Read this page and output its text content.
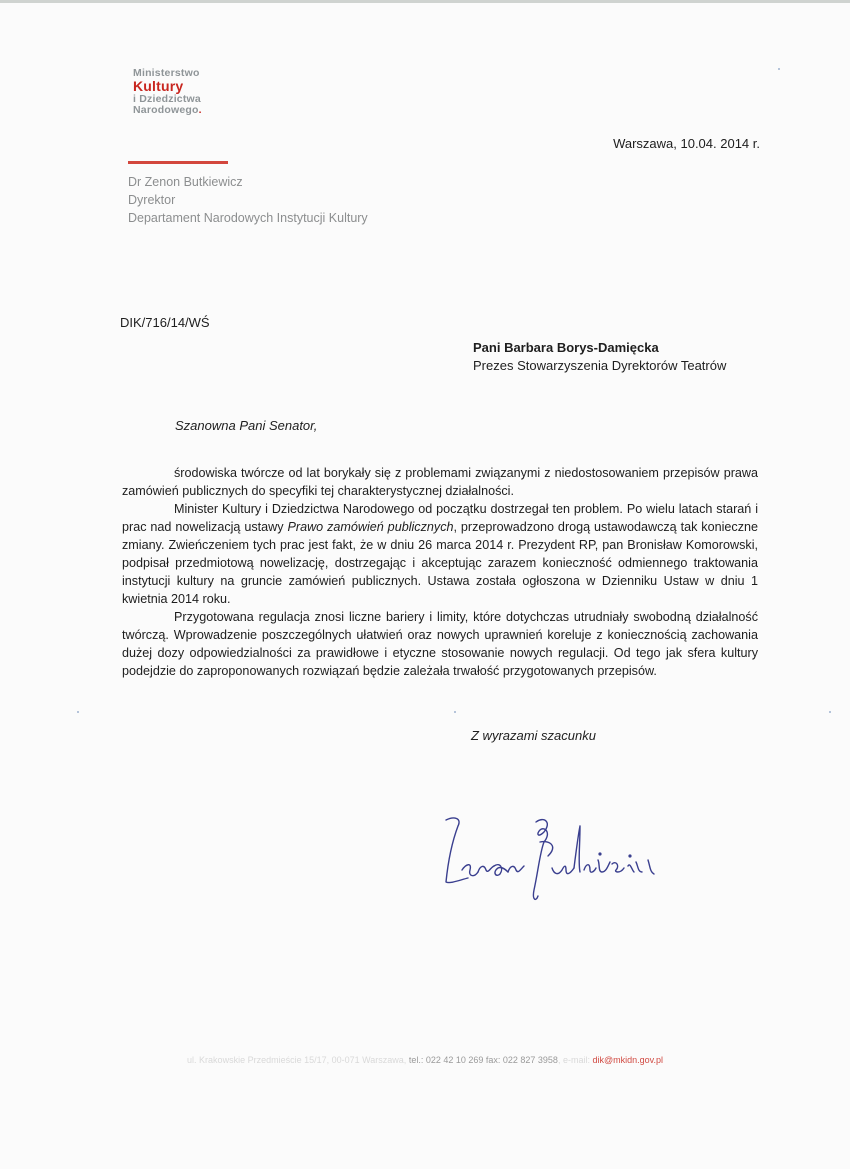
Ministerstwo
Kultury
i Dziedzictwa
Narodowego.
Warszawa, 10.04. 2014 r.
Dr Zenon Butkiewicz
Dyrektor
Departament Narodowych Instytucji Kultury
DIK/716/14/WŚ
Pani Barbara Borys-Damięcka
Prezes Stowarzyszenia Dyrektorów Teatrów
Szanowna Pani Senator,

środowiska twórcze od lat borykały się z problemami związanymi z niedostosowaniem przepisów prawa zamówień publicznych do specyfiki tej charakterystycznej działalności.

Minister Kultury i Dziedzictwa Narodowego od początku dostrzegał ten problem. Po wielu latach starań i prac nad nowelizacją ustawy Prawo zamówień publicznych, przeprowadzono drogą ustawodawczą tak konieczne zmiany. Zwieńczeniem tych prac jest fakt, że w dniu 26 marca 2014 r. Prezydent RP, pan Bronisław Komorowski, podpisał przedmiotową nowelizację, dostrzegając i akceptując zarazem konieczność odmiennego traktowania instytucji kultury na gruncie zamówień publicznych. Ustawa została ogłoszona w Dzienniku Ustaw w dniu 1 kwietnia 2014 roku.

Przygotowana regulacja znosi liczne bariery i limity, które dotychczas utrudniały swobodną działalność twórczą. Wprowadzenie poszczególnych ułatwień oraz nowych uprawnień koreluje z koniecznością zachowania dużej dozy odpowiedzialności za prawidłowe i etyczne stosowanie nowych regulacji. Od tego jak sfera kultury podejdzie do zaproponowanych rozwiązań będzie zależała trwałość przygotowanych przepisów.

Z wyrazami szacunku
ul. Krakowskie Przedmieście 15/17, 00-071 Warszawa, tel.: 022 42 10 269 fax: 022 827 3958, e-mail: dik@mkidn.gov.pl
